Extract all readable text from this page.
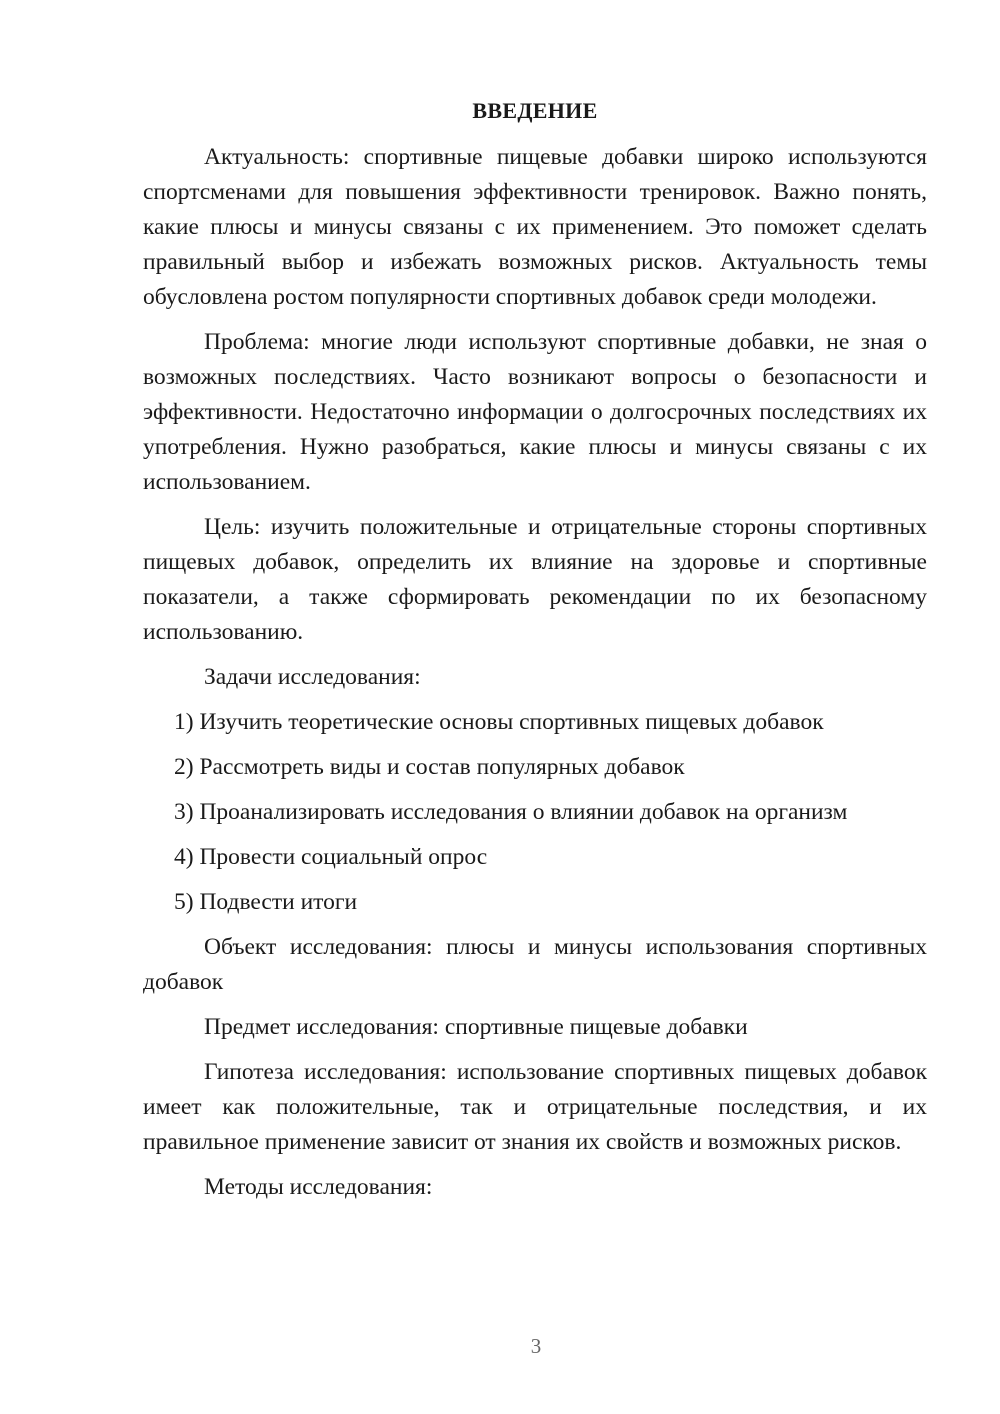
ВВЕДЕНИЕ

Актуальность: спортивные пищевые добавки широко используются спортсменами для повышения эффективности тренировок. Важно понять, какие плюсы и минусы связаны с их применением. Это поможет сделать правильный выбор и избежать возможных рисков. Актуальность темы обусловлена ростом популярности спортивных добавок среди молодежи.

Проблема: многие люди используют спортивные добавки, не зная о возможных последствиях. Часто возникают вопросы о безопасности и эффективности. Недостаточно информации о долгосрочных последствиях их употребления. Нужно разобраться, какие плюсы и минусы связаны с их использованием.

Цель: изучить положительные и отрицательные стороны спортивных пищевых добавок, определить их влияние на здоровье и спортивные показатели, а также сформировать рекомендации по их безопасному использованию.

Задачи исследования:

1) Изучить теоретические основы спортивных пищевых добавок
2) Рассмотреть виды и состав популярных добавок
3) Проанализировать исследования о влиянии добавок на организм
4) Провести социальный опрос
5) Подвести итоги

Объект исследования: плюсы и минусы использования спортивных добавок

Предмет исследования: спортивные пищевые добавки

Гипотеза исследования: использование спортивных пищевых добавок имеет как положительные, так и отрицательные последствия, и их правильное применение зависит от знания их свойств и возможных рисков.

Методы исследования:

3
